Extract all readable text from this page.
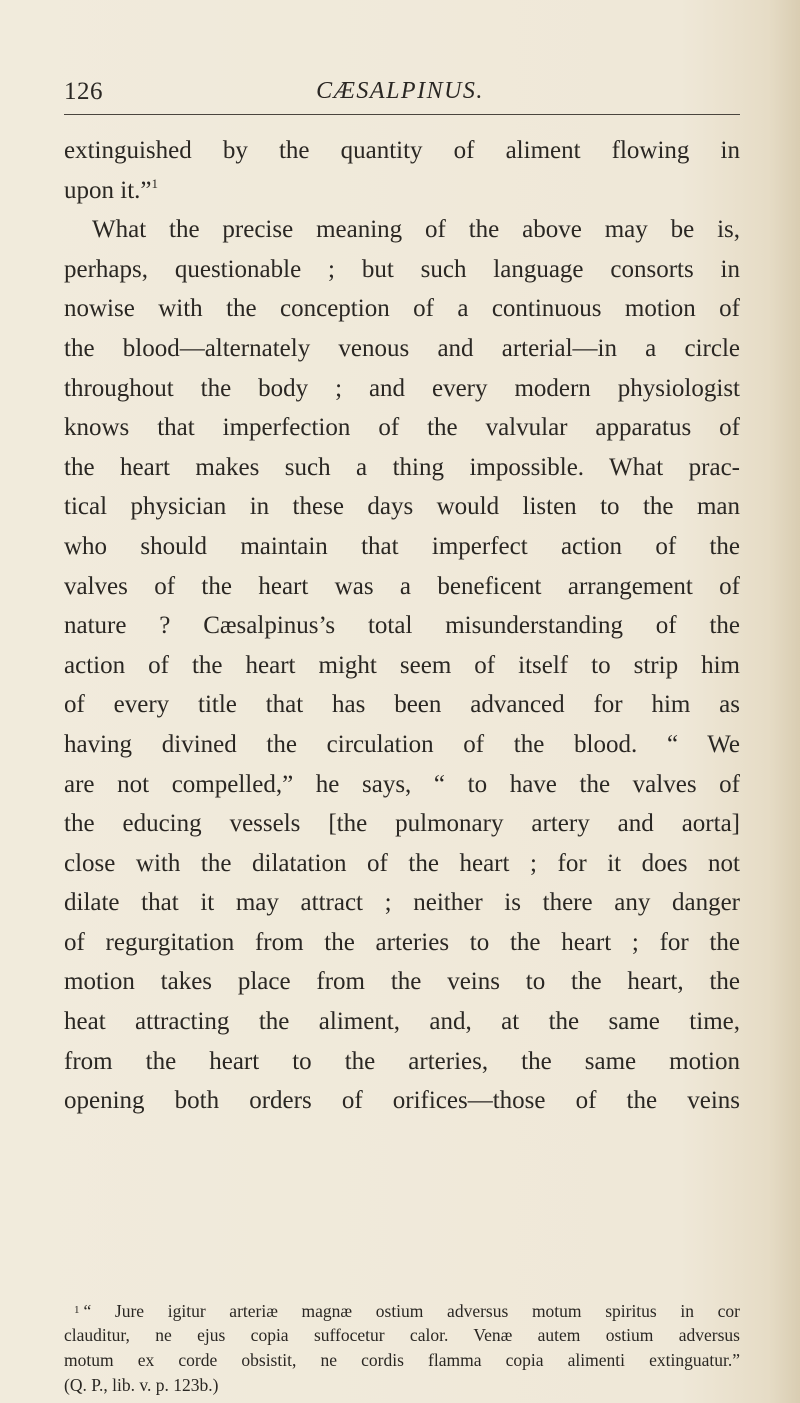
126	CÆSALPINUS.
extinguished by the quantity of aliment flowing in
upon it.”$^1$
What the precise meaning of the above may be is,
perhaps, questionable ; but such language consorts in
nowise with the conception of a continuous motion of
the blood—alternately venous and arterial—in a circle
throughout the body ; and every modern physiologist
knows that imperfection of the valvular apparatus of
the heart makes such a thing impossible. What prac-
tical physician in these days would listen to the man
who should maintain that imperfect action of the
valves of the heart was a beneficent arrangement of
nature ? Cæsalpinus’s total misunderstanding of the
action of the heart might seem of itself to strip him
of every title that has been advanced for him as
having divined the circulation of the blood. “ We
are not compelled,” he says, “ to have the valves of
the educing vessels [the pulmonary artery and aorta]
close with the dilatation of the heart ; for it does not
dilate that it may attract ; neither is there any danger
of regurgitation from the arteries to the heart ; for the
motion takes place from the veins to the heart, the
heat attracting the aliment, and, at the same time,
from the heart to the arteries, the same motion
opening both orders of orifices—those of the veins
$^1$ “ Jure igitur arteriæ magnæ ostium adversus motum spiritus in cor
clauditur, ne ejus copia suffocetur calor. Venæ autem ostium adversus
motum ex corde obsistit, ne cordis flamma copia alimenti extinguatur.”
(Q. P., lib. v. p. 123b.)
